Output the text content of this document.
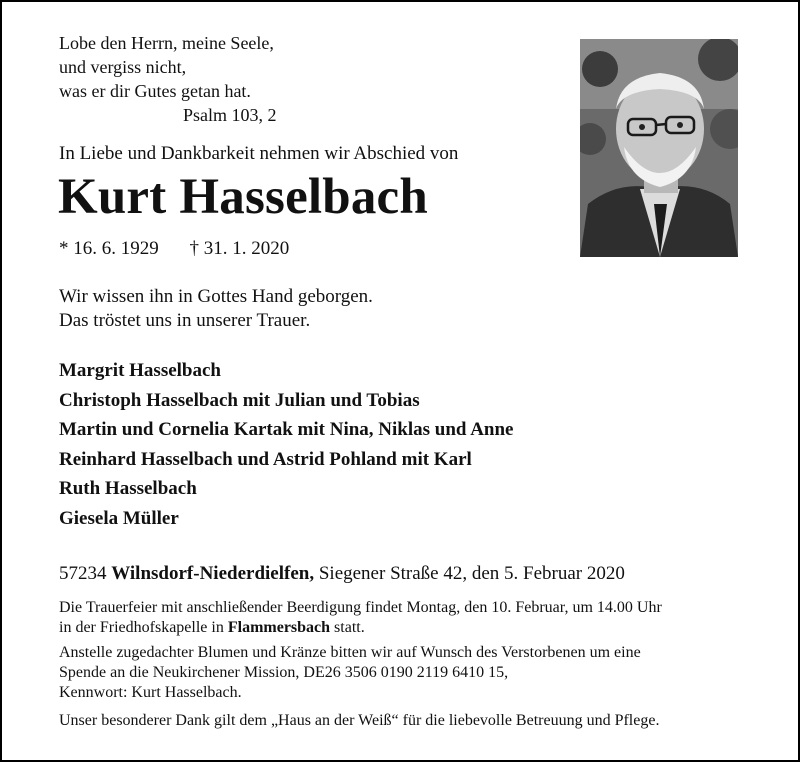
Lobe den Herrn, meine Seele,
und vergiss nicht,
was er dir Gutes getan hat.
Psalm 103, 2
In Liebe und Dankbarkeit nehmen wir Abschied von
Kurt Hasselbach
* 16. 6. 1929 † 31. 1. 2020
Wir wissen ihn in Gottes Hand geborgen.
Das tröstet uns in unserer Trauer.
Margrit Hasselbach
Christoph Hasselbach mit Julian und Tobias
Martin und Cornelia Kartak mit Nina, Niklas und Anne
Reinhard Hasselbach und Astrid Pohland mit Karl
Ruth Hasselbach
Giesela Müller
57234 Wilnsdorf-Niederdielfen, Siegener Straße 42, den 5. Februar 2020
Die Trauerfeier mit anschließender Beerdigung findet Montag, den 10. Februar, um 14.00 Uhr
in der Friedhofskapelle in Flammersbach statt.
Anstelle zugedachter Blumen und Kränze bitten wir auf Wunsch des Verstorbenen um eine
Spende an die Neukirchener Mission, DE26 3506 0190 2119 6410 15,
Kennwort: Kurt Hasselbach.
Unser besonderer Dank gilt dem „Haus an der Weiß“ für die liebevolle Betreuung und Pflege.
